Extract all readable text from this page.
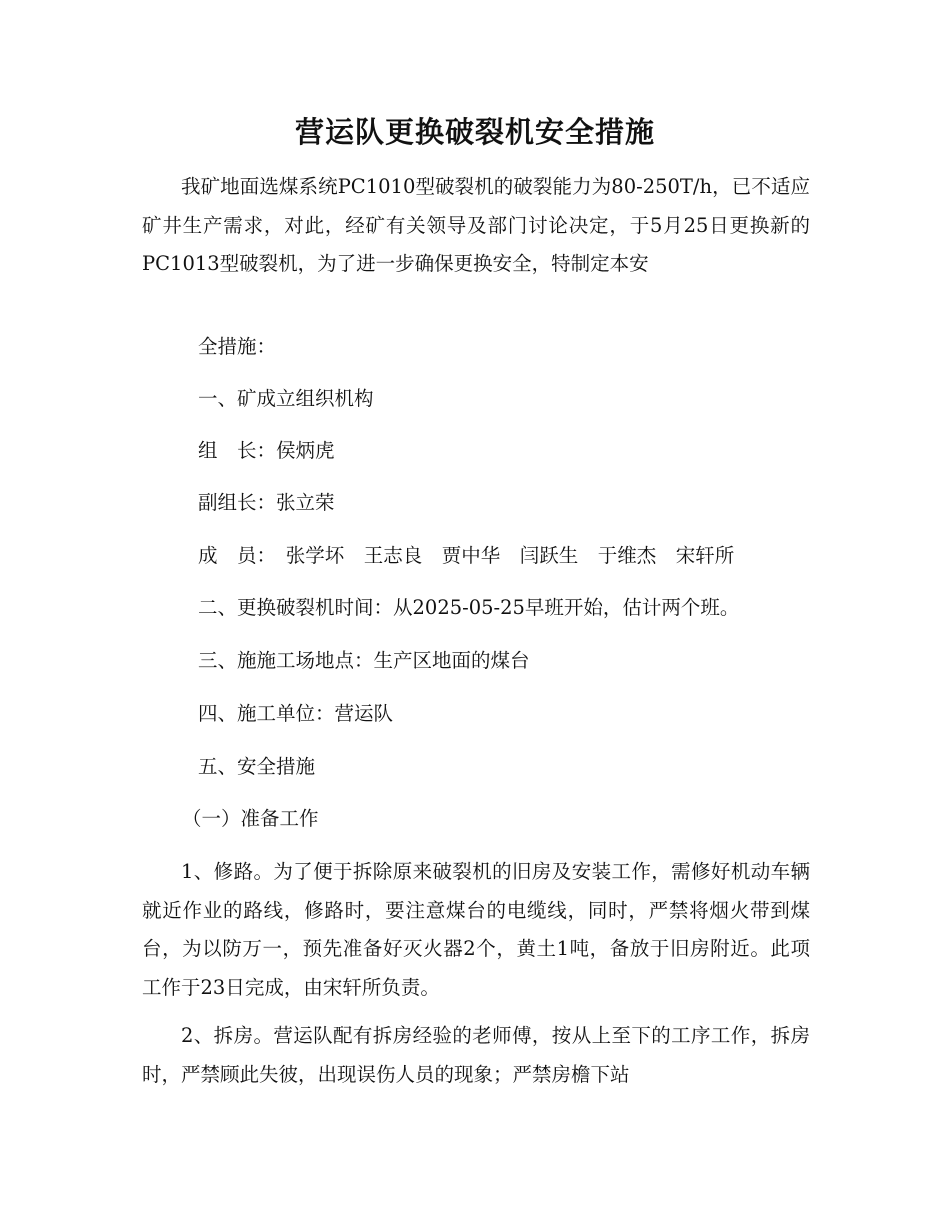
营运队更换破裂机安全措施

我矿地面选煤系统PC1010型破裂机的破裂能力为80-250T/h，已不适应矿井生产需求，对此，经矿有关领导及部门讨论决定，于5月25日更换新的PC1013型破裂机，为了进一步确保更换安全，特制定本安

全措施：

一、矿成立组织机构

组　长：侯炳虎

副组长：张立荣

成　员：　张学坏　王志良　贾中华　闫跃生　于维杰　宋轩所

二、更换破裂机时间：从2025-05-25早班开始，估计两个班。

三、施施工场地点：生产区地面的煤台

四、施工单位：营运队

五、安全措施

（一）准备工作

1、修路。为了便于拆除原来破裂机的旧房及安装工作，需修好机动车辆就近作业的路线，修路时，要注意煤台的电缆线，同时，严禁将烟火带到煤台，为以防万一，预先准备好灭火器2个，黄土1吨，备放于旧房附近。此项工作于23日完成，由宋轩所负责。

2、拆房。营运队配有拆房经验的老师傅，按从上至下的工序工作，拆房时，严禁顾此失彼，出现误伤人员的现象；严禁房檐下站
